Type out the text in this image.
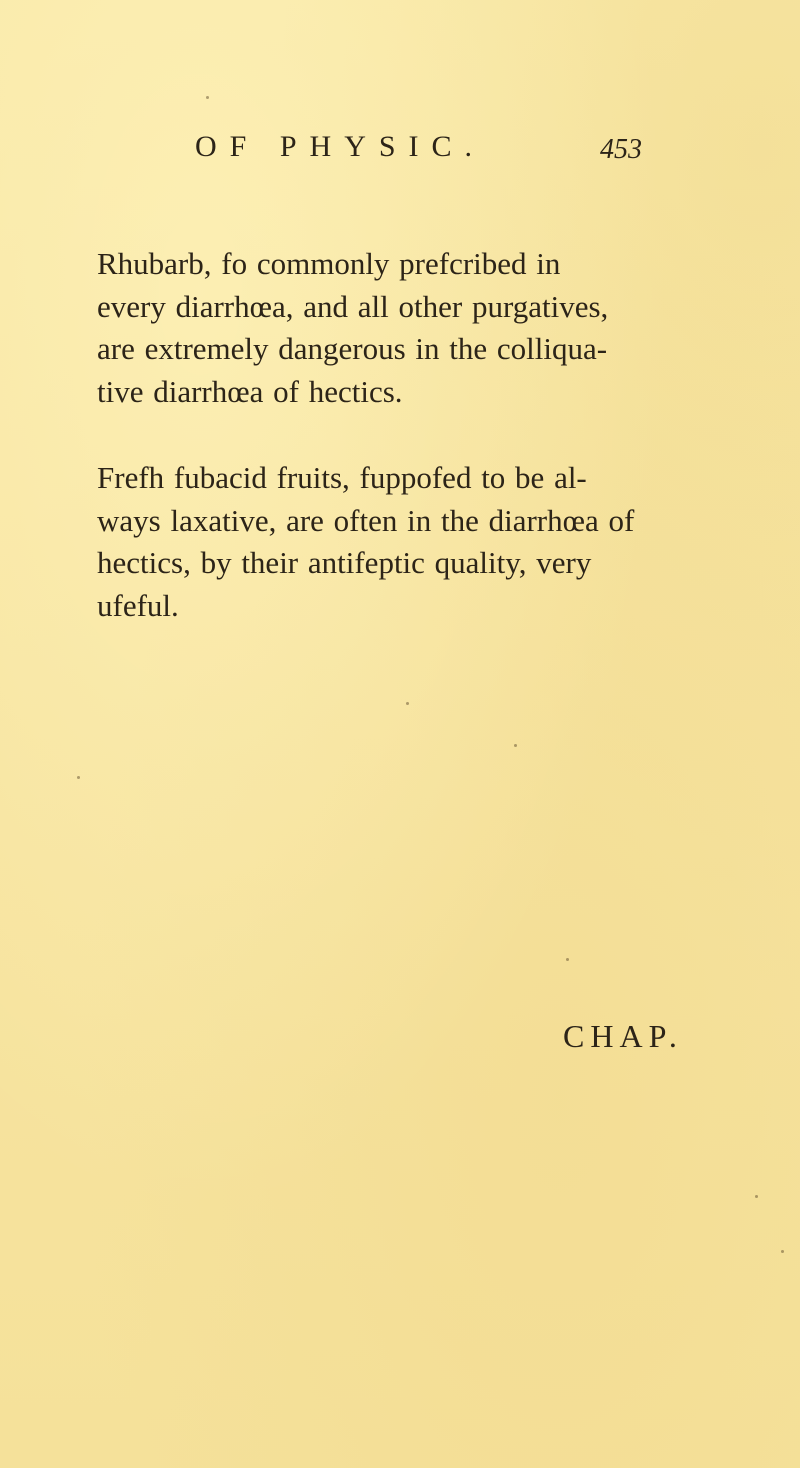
OF PHYSIC.	453
Rhubarb, fo commonly prefcribed in
every diarrhœa, and all other purgatives,
are extremely dangerous in the colliqua-
tive diarrhœa of hectics.
Frefh fubacid fruits, fuppofed to be al-
ways laxative, are often in the diarrhœa of
hectics, by their antifeptic quality, very
ufeful.
CHAP.
